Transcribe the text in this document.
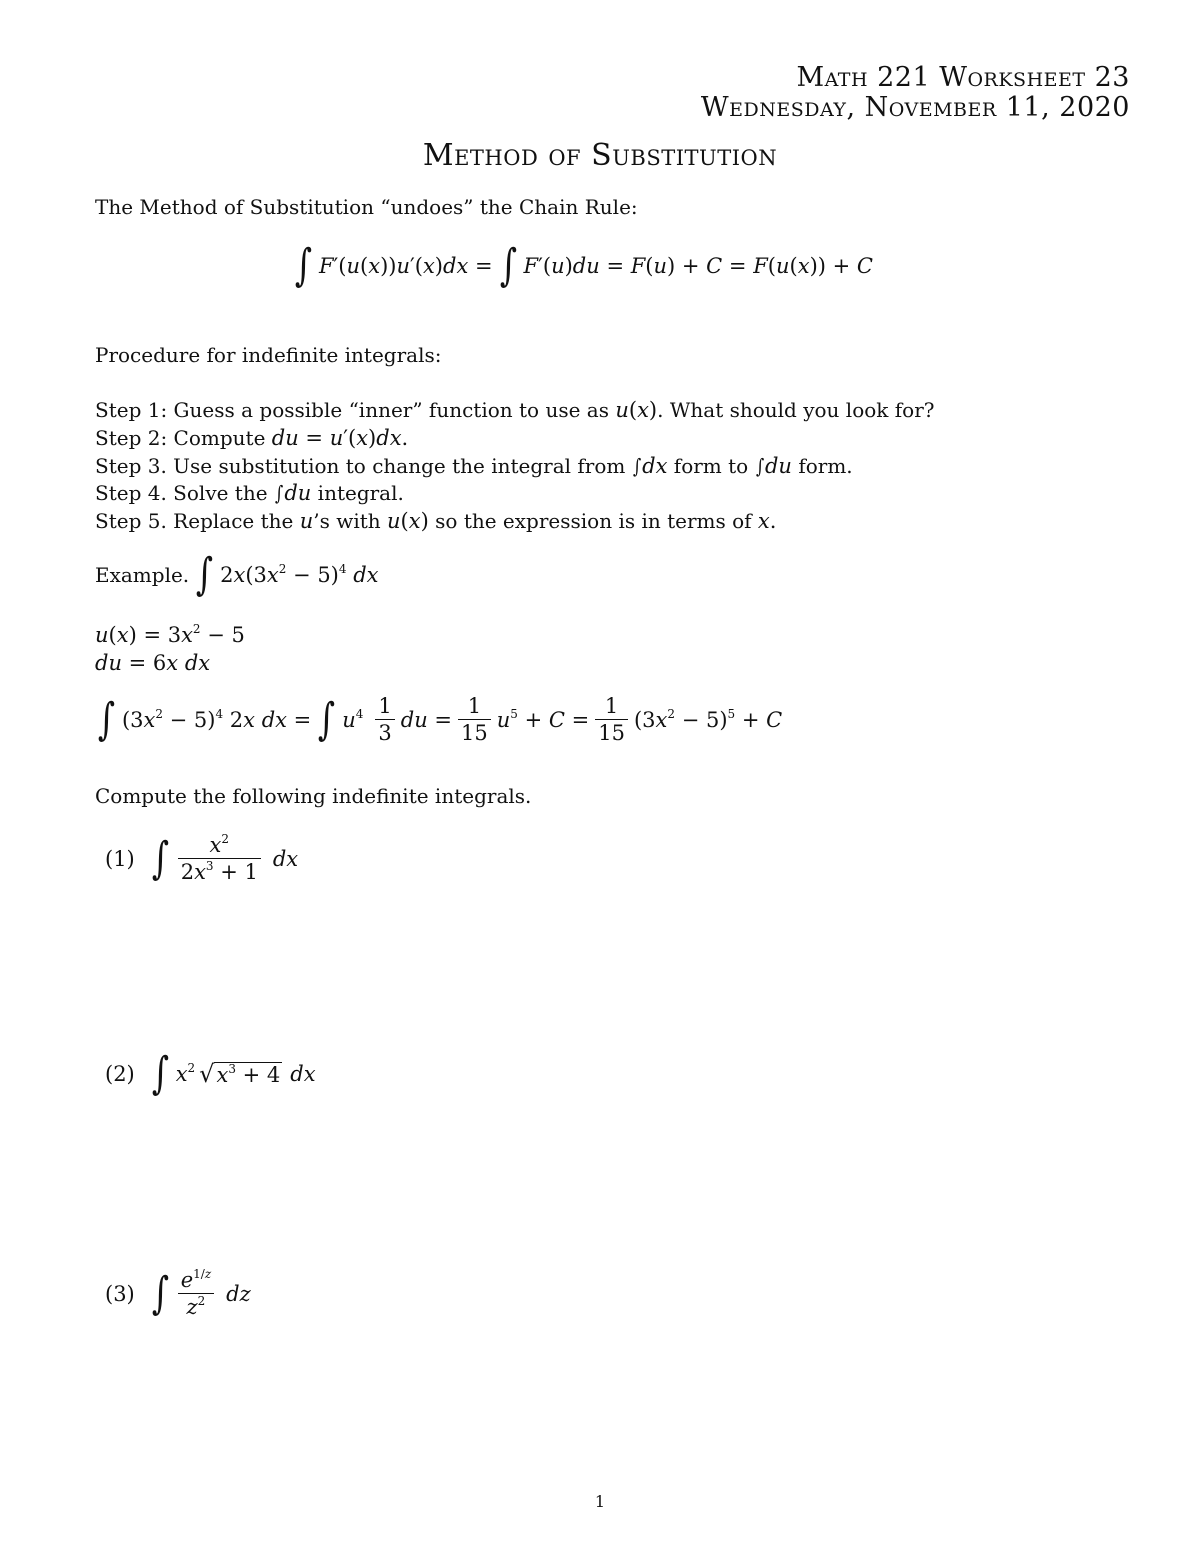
Math 221 Worksheet 23
Wednesday, November 11, 2020
Method of Substitution
The Method of Substitution “undoes” the Chain Rule:
∫ F′(u(x))u′(x)dx = ∫ F′(u)du = F(u) + C = F(u(x)) + C
Procedure for indefinite integrals:
Step 1: Guess a possible “inner” function to use as u(x). What should you look for?
Step 2: Compute du = u′(x)dx.
Step 3. Use substitution to change the integral from ∫dx form to ∫du form.
Step 4. Solve the ∫du integral.
Step 5. Replace the u’s with u(x) so the expression is in terms of x.
Example. ∫ $2x(3x^2 - 5)^4$ dx
$u(x) = 3x^2 - 5$
du = 6x dx
∫ $(3x^2 - 5)^4$ 2x dx = ∫ $u^4 \frac{1}{3}$ du = $\frac{1}{15} u^5 + C = \frac{1}{15} (3x^2 - 5)^5 + C$
Compute the following indefinite integrals.
(1) ∫ $\frac{x^2}{2x^3 + 1}$ dx
(2) ∫ $x^2$ $√x^3 + 4$ dx
(3) ∫ $\frac{e^{1/z}}{z^2}$ dz
1
